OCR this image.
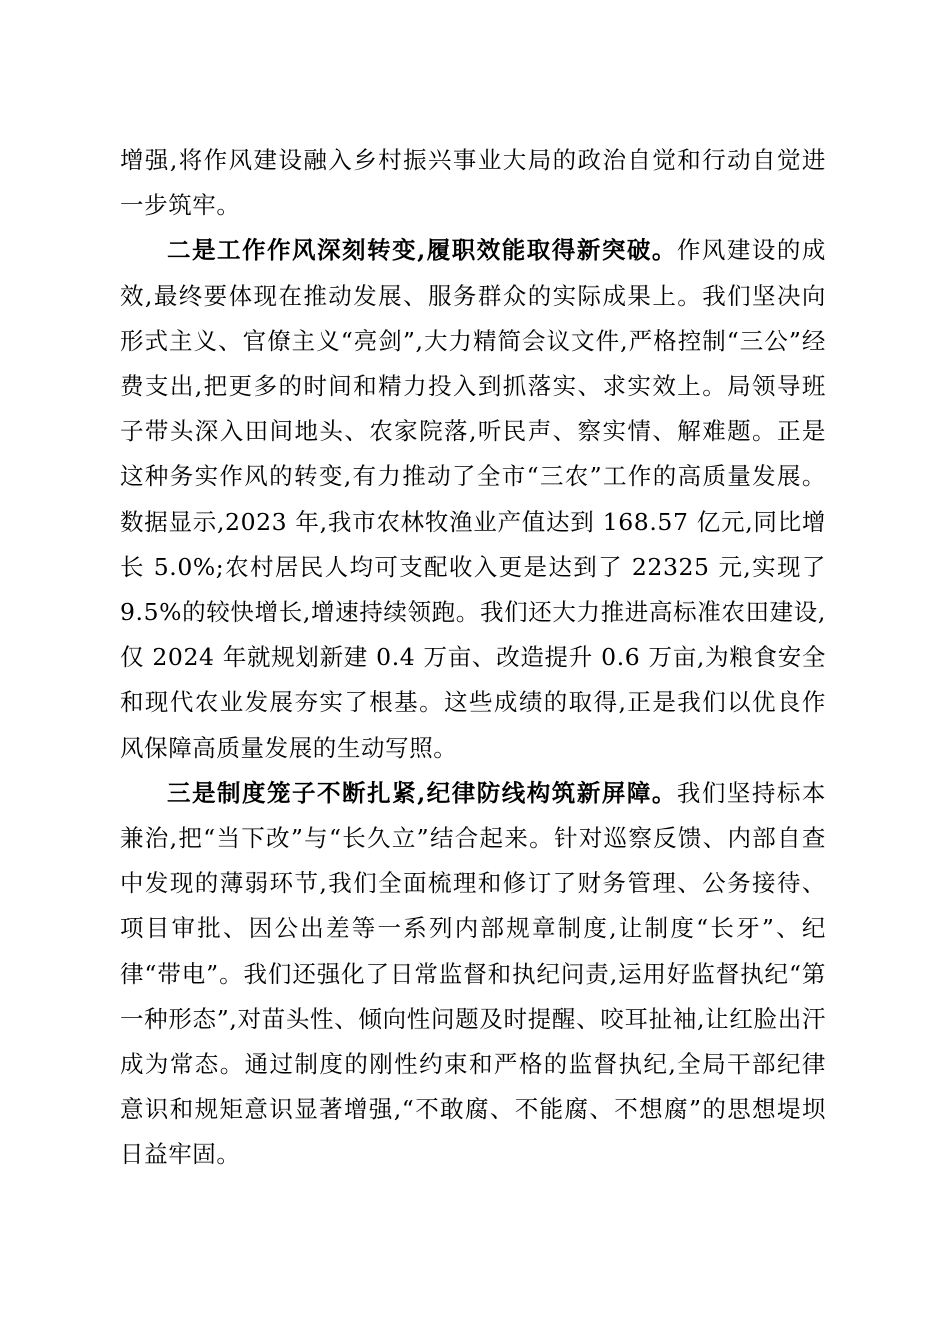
增强,将作风建设融入乡村振兴事业大局的政治自觉和行动自觉进一步筑牢。

二是工作作风深刻转变,履职效能取得新突破。作风建设的成效,最终要体现在推动发展、服务群众的实际成果上。我们坚决向形式主义、官僚主义“亮剑”,大力精简会议文件,严格控制“三公”经费支出,把更多的时间和精力投入到抓落实、求实效上。局领导班子带头深入田间地头、农家院落,听民声、察实情、解难题。正是这种务实作风的转变,有力推动了全市“三农”工作的高质量发展。数据显示,2023 年,我市农林牧渔业产值达到 168.57 亿元,同比增长 5.0%;农村居民人均可支配收入更是达到了 22325 元,实现了 9.5%的较快增长,增速持续领跑。我们还大力推进高标准农田建设,仅 2024 年就规划新建 0.4 万亩、改造提升 0.6 万亩,为粮食安全和现代农业发展夯实了根基。这些成绩的取得,正是我们以优良作风保障高质量发展的生动写照。

三是制度笼子不断扎紧,纪律防线构筑新屏障。我们坚持标本兼治,把“当下改”与“长久立”结合起来。针对巡察反馈、内部自查中发现的薄弱环节,我们全面梳理和修订了财务管理、公务接待、项目审批、因公出差等一系列内部规章制度,让制度“长牙”、纪律“带电”。我们还强化了日常监督和执纪问责,运用好监督执纪“第一种形态”,对苗头性、倾向性问题及时提醒、咬耳扯袖,让红脸出汗成为常态。通过制度的刚性约束和严格的监督执纪,全局干部纪律意识和规矩意识显著增强,“不敢腐、不能腐、不想腐”的思想堤坝日益牢固。
